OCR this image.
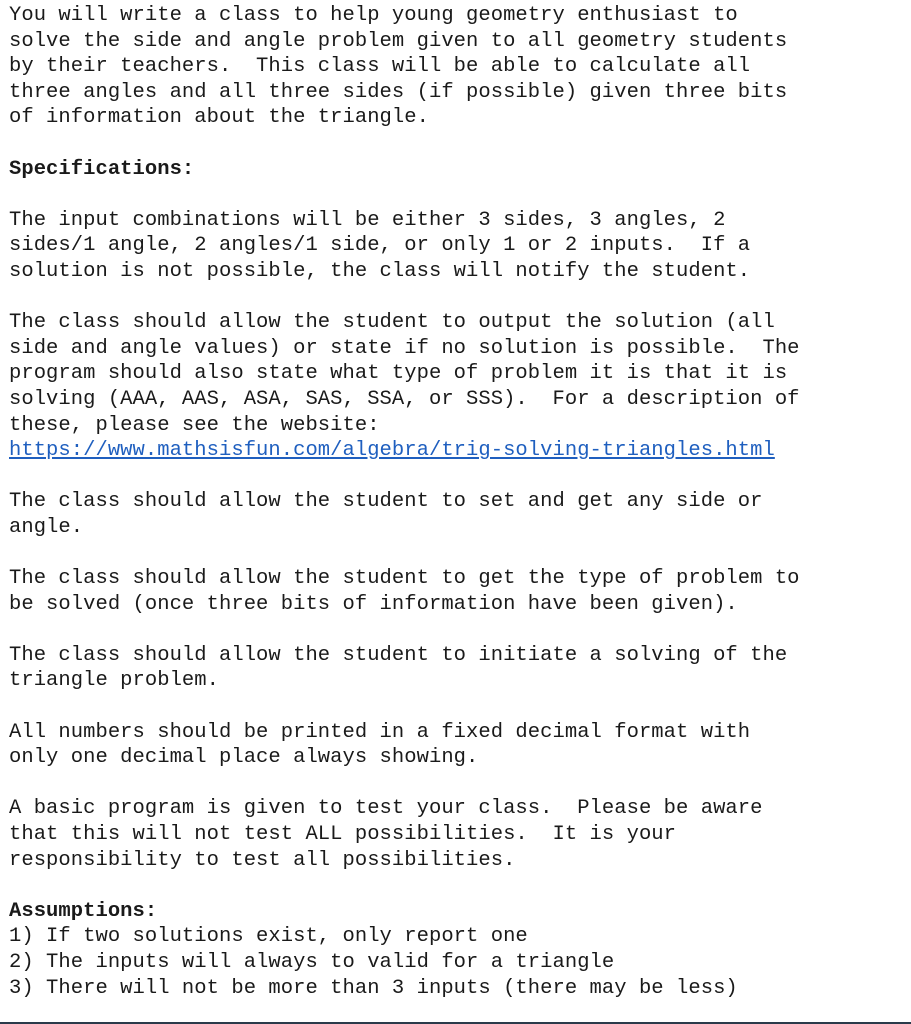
You will write a class to help young geometry enthusiast to
solve the side and angle problem given to all geometry students
by their teachers.  This class will be able to calculate all
three angles and all three sides (if possible) given three bits
of information about the triangle.
Specifications:
The input combinations will be either 3 sides, 3 angles, 2
sides/1 angle, 2 angles/1 side, or only 1 or 2 inputs.  If a
solution is not possible, the class will notify the student.
The class should allow the student to output the solution (all
side and angle values) or state if no solution is possible.  The
program should also state what type of problem it is that it is
solving (AAA, AAS, ASA, SAS, SSA, or SSS).  For a description of
these, please see the website:
https://www.mathsisfun.com/algebra/trig-solving-triangles.html
The class should allow the student to set and get any side or
angle.
The class should allow the student to get the type of problem to
be solved (once three bits of information have been given).
The class should allow the student to initiate a solving of the
triangle problem.
All numbers should be printed in a fixed decimal format with
only one decimal place always showing.
A basic program is given to test your class.  Please be aware
that this will not test ALL possibilities.  It is your
responsibility to test all possibilities.
Assumptions:
1) If two solutions exist, only report one
2) The inputs will always to valid for a triangle
3) There will not be more than 3 inputs (there may be less)
